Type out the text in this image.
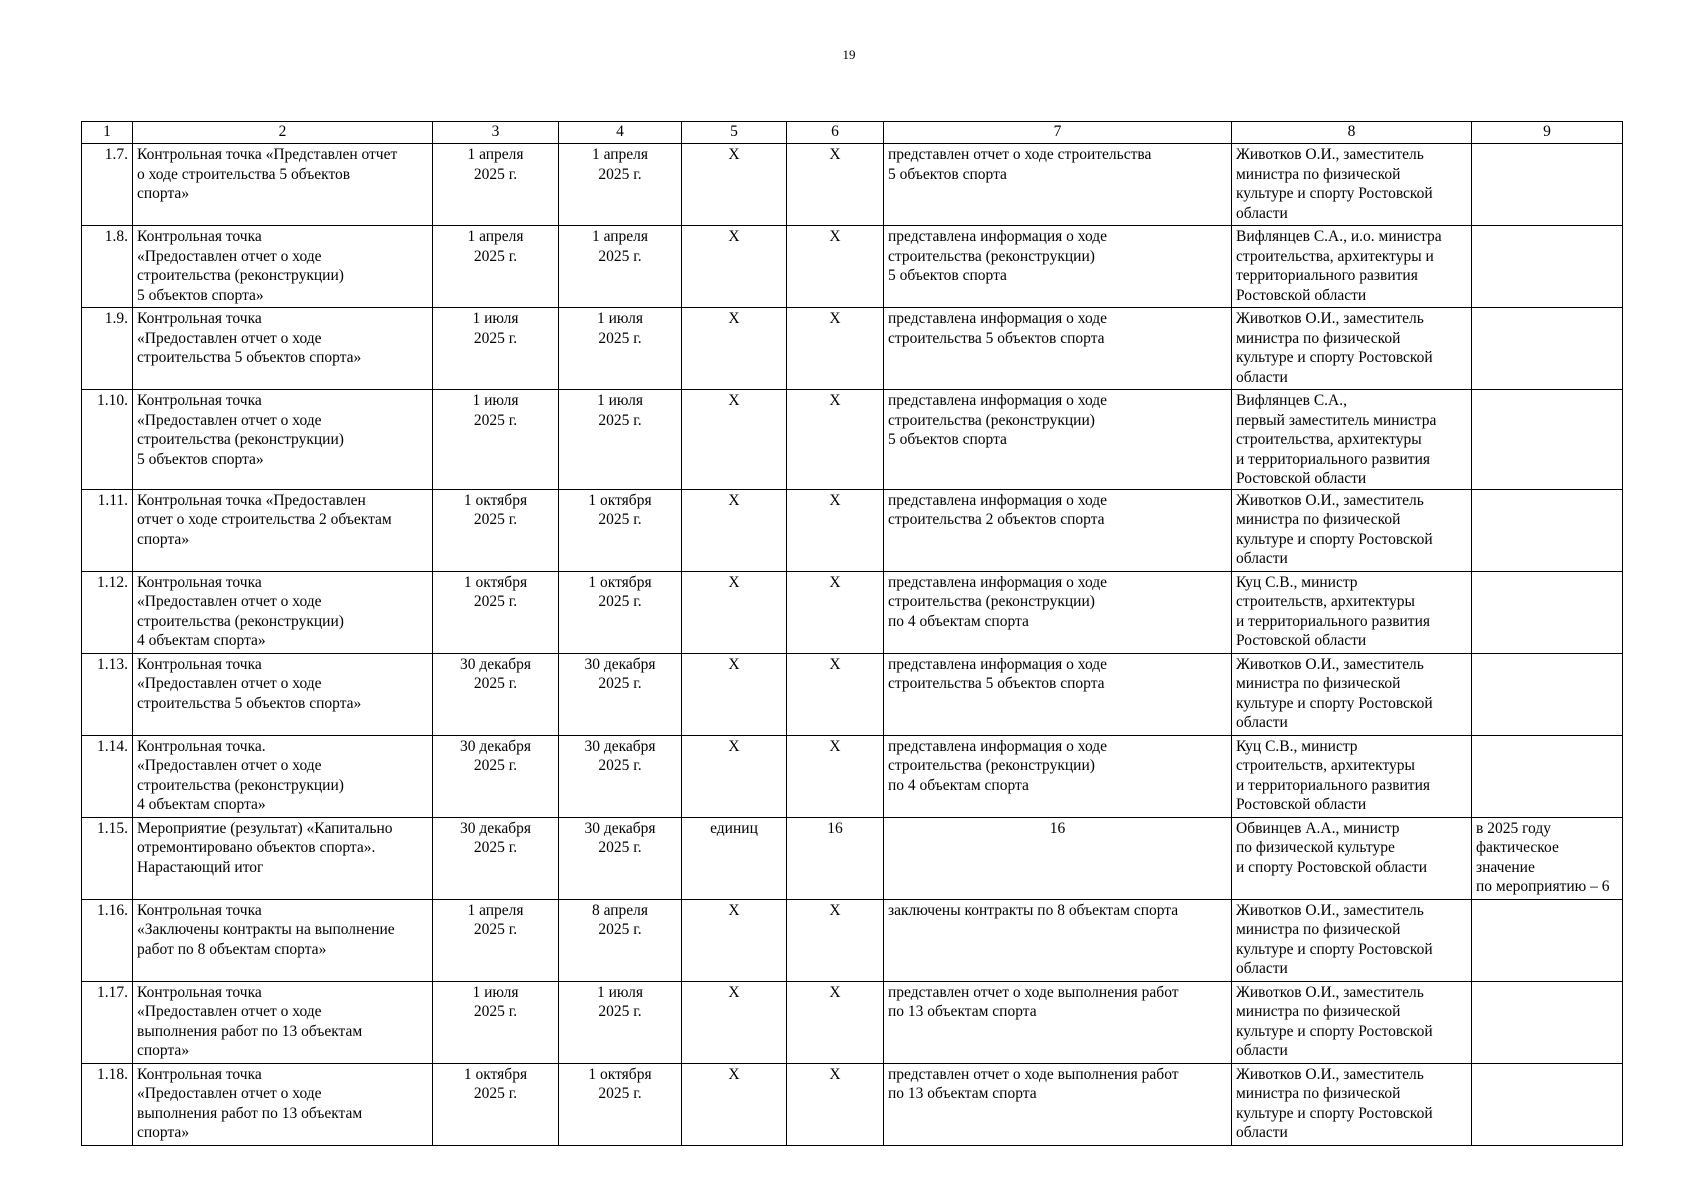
19
1	2	3	4	5	6	7	8	9
1.7.	Контрольная точка «Представлен отчет
о ходе строительства 5 объектов
спорта»	1 апреля
2025 г.	1 апреля
2025 г.	Х	Х	представлен отчет о ходе строительства
5 объектов спорта	Животков О.И., заместитель
министра по физической
культуре и спорту Ростовской
области	
1.8.	Контрольная точка
«Предоставлен отчет о ходе
строительства (реконструкции)
5 объектов спорта»	1 апреля
2025 г.	1 апреля
2025 г.	Х	Х	представлена информация о ходе
строительства (реконструкции)
5 объектов спорта	Вифлянцев С.А., и.о. министра
строительства, архитектуры и
территориального развития
Ростовской области	
1.9.	Контрольная точка
«Предоставлен отчет о ходе
строительства 5 объектов спорта»	1 июля
2025 г.	1 июля
2025 г.	Х	Х	представлена информация о ходе
строительства 5 объектов спорта	Животков О.И., заместитель
министра по физической
культуре и спорту Ростовской
области	
1.10.	Контрольная точка
«Предоставлен отчет о ходе
строительства (реконструкции)
5 объектов спорта»	1 июля
2025 г.	1 июля
2025 г.	Х	Х	представлена информация о ходе
строительства (реконструкции)
5 объектов спорта	Вифлянцев С.А.,
первый заместитель министра
строительства, архитектуры
и территориального развития
Ростовской области	
1.11.	Контрольная точка «Предоставлен
отчет о ходе строительства 2 объектам
спорта»	1 октября
2025 г.	1 октября
2025 г.	Х	Х	представлена информация о ходе
строительства 2 объектов спорта	Животков О.И., заместитель
министра по физической
культуре и спорту Ростовской
области	
1.12.	Контрольная точка
«Предоставлен отчет о ходе
строительства (реконструкции)
4 объектам спорта»	1 октября
2025 г.	1 октября
2025 г.	Х	Х	представлена информация о ходе
строительства (реконструкции)
по 4 объектам спорта	Куц С.В., министр
строительств, архитектуры
и территориального развития
Ростовской области	
1.13.	Контрольная точка
«Предоставлен отчет о ходе
строительства 5 объектов спорта»	30 декабря
2025 г.	30 декабря
2025 г.	Х	Х	представлена информация о ходе
строительства 5 объектов спорта	Животков О.И., заместитель
министра по физической
культуре и спорту Ростовской
области	
1.14.	Контрольная точка.
«Предоставлен отчет о ходе
строительства (реконструкции)
4 объектам спорта»	30 декабря
2025 г.	30 декабря
2025 г.	Х	Х	представлена информация о ходе
строительства (реконструкции)
по 4 объектам спорта	Куц С.В., министр
строительств, архитектуры
и территориального развития
Ростовской области	
1.15.	Мероприятие (результат) «Капитально
отремонтировано объектов спорта».
Нарастающий итог	30 декабря
2025 г.	30 декабря
2025 г.	единиц	16	16	Обвинцев А.А., министр
по физической культуре
и спорту Ростовской области	в 2025 году
фактическое
значение
по мероприятию – 6
1.16.	Контрольная точка
«Заключены контракты на выполнение
работ по 8 объектам спорта»	1 апреля
2025 г.	8 апреля
2025 г.	Х	Х	заключены контракты по 8 объектам спорта	Животков О.И., заместитель
министра по физической
культуре и спорту Ростовской
области	
1.17.	Контрольная точка
«Предоставлен отчет о ходе
выполнения работ по 13 объектам
спорта»	1 июля
2025 г.	1 июля
2025 г.	Х	Х	представлен отчет о ходе выполнения работ
по 13 объектам спорта	Животков О.И., заместитель
министра по физической
культуре и спорту Ростовской
области	
1.18.	Контрольная точка
«Предоставлен отчет о ходе
выполнения работ по 13 объектам
спорта»	1 октября
2025 г.	1 октября
2025 г.	Х	Х	представлен отчет о ходе выполнения работ
по 13 объектам спорта	Животков О.И., заместитель
министра по физической
культуре и спорту Ростовской
области	
